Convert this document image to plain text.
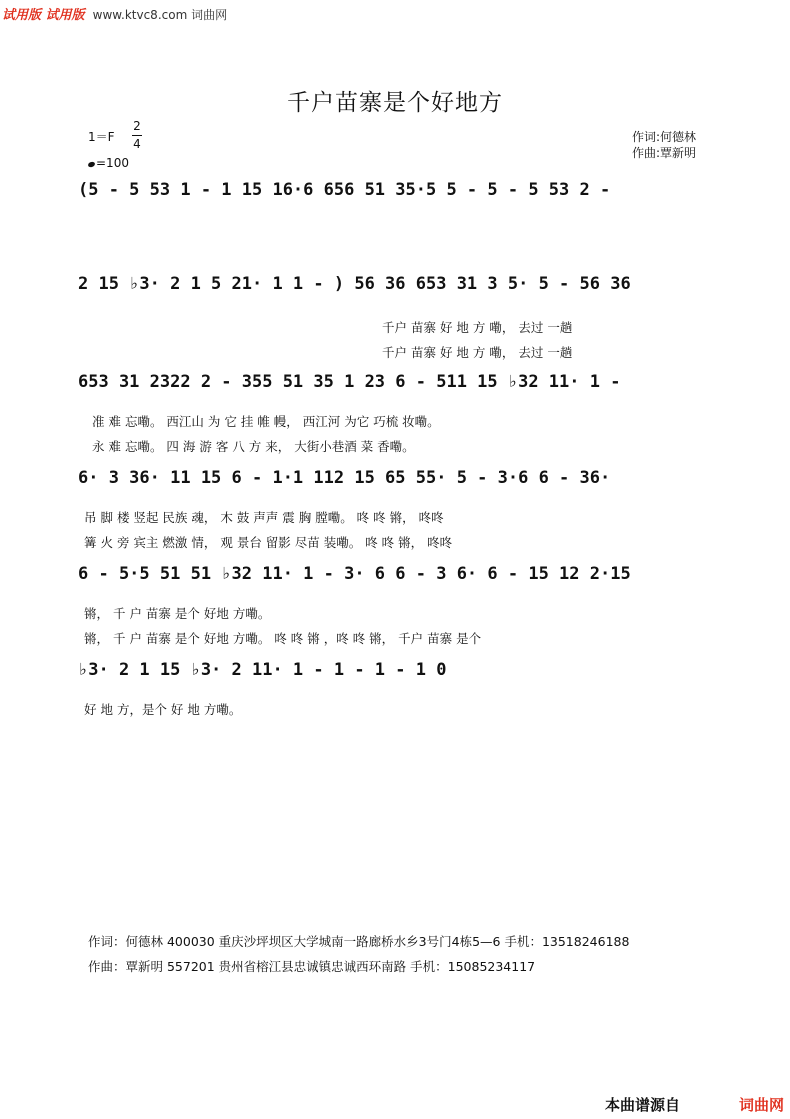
试用版 试用版 www.ktvc8.com 词曲网
千户苗寨是个好地方
1＝F
2
4
=100
作词:何德林
作曲:覃新明
(5 - 5 53 1 - 1 15 16·6 656 51 35·5 5 - 5 - 5 53 2 -
2 15 ♭3· 2 1 5 21· 1 1 - ) 56 36 653 31 3 5· 5 - 56 36
千户 苗寨 好 地 方 嘞， 去过 一趟
千户 苗寨 好 地 方 嘞， 去过 一趟
653 31 2322 2 - 355 51 35 1 23 6 - 511 15 ♭32 11· 1 -
准 难 忘嘞。 西江山 为 它 挂 帷 幔， 西江河 为它 巧梳 妆嘞。
永 难 忘嘞。 四 海 游 客 八 方 来， 大街小巷酒 菜 香嘞。
6· 3 36· 11 15 6 - 1·1 112 15 65 55· 5 - 3·6 6 - 36·
吊 脚 楼 竖起 民族 魂， 木 鼓 声声 震 胸 膛嘞。 咚 咚 锵， 咚咚
篝 火 旁 宾主 燃激 情， 观 景台 留影 尽苗 装嘞。 咚 咚 锵， 咚咚
6 - 5·5 51 51 ♭32 11· 1 - 3· 6 6 - 3 6· 6 - 15 12 2·15
锵， 千 户 苗寨 是个 好地 方嘞。
锵， 千 户 苗寨 是个 好地 方嘞。 咚 咚 锵 ，咚 咚 锵， 千户 苗寨 是个
♭3· 2 1 15 ♭3· 2 11· 1 - 1 - 1 - 1 0
好 地 方，是个 好 地 方嘞。
作词：何德林 400030 重庆沙坪坝区大学城南一路廊桥水乡3号门4栋5—6 手机：13518246188
作曲：覃新明 557201 贵州省榕江县忠诚镇忠诚西环南路 手机：15085234117
本曲谱源自	词曲网
